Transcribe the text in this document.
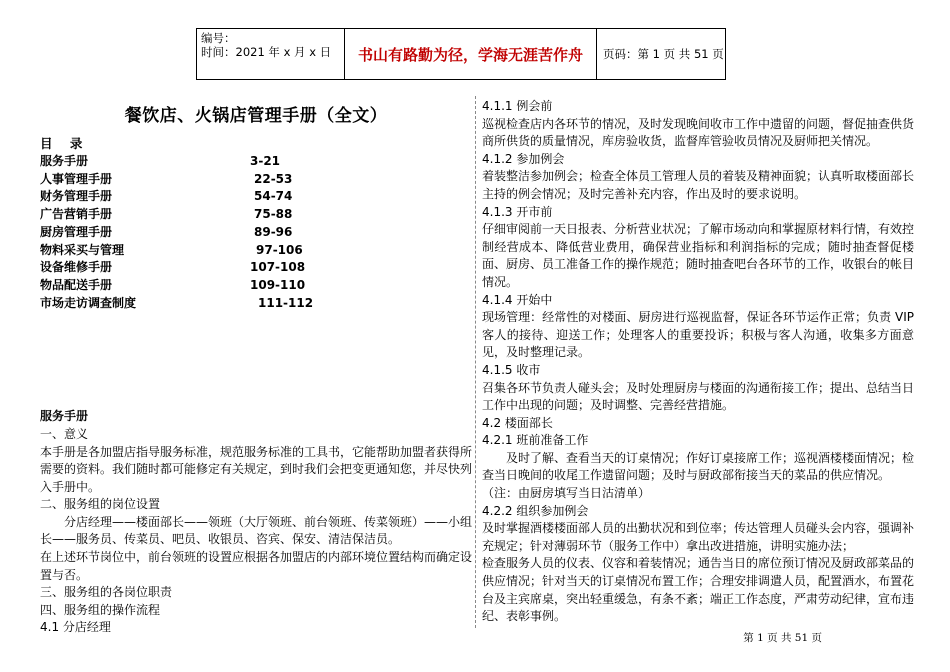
编号：
时间：2021 年 x 月 x 日	书山有路勤为径，学海无涯苦作舟	页码：第 1 页 共 51 页
餐饮店、火锅店管理手册（全文）
目    录
服务手册	3-21
人事管理手册	22-53
财务管理手册	54-74
广告营销手册	75-88
厨房管理手册	89-96
物料采买与管理	97-106
设备维修手册	107-108
物品配送手册	109-110
市场走访调查制度	111-112

服务手册

一、意义

本手册是各加盟店指导服务标准，规范服务标准的工具书，它能帮助加盟者获得所需要的资料。我们随时都可能修定有关规定，到时我们会把变更通知您，并尽快列入手册中。

二、服务组的岗位设置

分店经理——楼面部长——领班（大厅领班、前台领班、传菜领班）——小组长——服务员、传菜员、吧员、收银员、咨宾、保安、清洁保洁员。

在上述环节岗位中，前台领班的设置应根据各加盟店的内部环境位置结构而确定设置与否。

三、服务组的各岗位职责

四、服务组的操作流程

4.1 分店经理

4.1.1 例会前

巡视检查店内各环节的情况，及时发现晚间收市工作中遗留的问题，督促抽查供货商所供货的质量情况，库房验收货，监督库管验收员情况及厨师把关情况。

4.1.2 参加例会

着装整洁参加例会；检查全体员工管理人员的着装及精神面貌；认真听取楼面部长主持的例会情况；及时完善补充内容，作出及时的要求说明。

4.1.3 开市前

仔细审阅前一天日报表、分析营业状况；了解市场动向和掌握原材料行情，有效控制经营成本、降低营业费用，确保营业指标和利润指标的完成；随时抽查督促楼面、厨房、员工准备工作的操作规范；随时抽查吧台各环节的工作，收银台的帐目情况。

4.1.4 开始中

现场管理：经常性的对楼面、厨房进行巡视监督，保证各环节运作正常；负责 VIP 客人的接待、迎送工作；处理客人的重要投诉；积极与客人沟通，收集多方面意见，及时整理记录。

4.1.5 收市

召集各环节负责人碰头会；及时处理厨房与楼面的沟通衔接工作；提出、总结当日工作中出现的问题；及时调整、完善经营措施。

4.2 楼面部长

4.2.1 班前准备工作

及时了解、查看当天的订桌情况；作好订桌接席工作；巡视酒楼楼面情况；检查当日晚间的收尾工作遗留问题；及时与厨政部衔接当天的菜品的供应情况。

（注：由厨房填写当日沽清单）

4.2.2 组织参加例会

及时掌握酒楼楼面部人员的出勤状况和到位率；传达管理人员碰头会内容，强调补充规定；针对薄弱环节（服务工作中）拿出改进措施，讲明实施办法；

检查服务人员的仪表、仪容和着装情况；通告当日的席位预订情况及厨政部菜品的供应情况；针对当天的订桌情况布置工作；合理安排调遣人员，配置酒水，布置花台及主宾席桌，突出轻重缓急，有条不紊；端正工作态度，严肃劳动纪律，宣布违纪、表彰事例。

第 1 页 共 51 页
